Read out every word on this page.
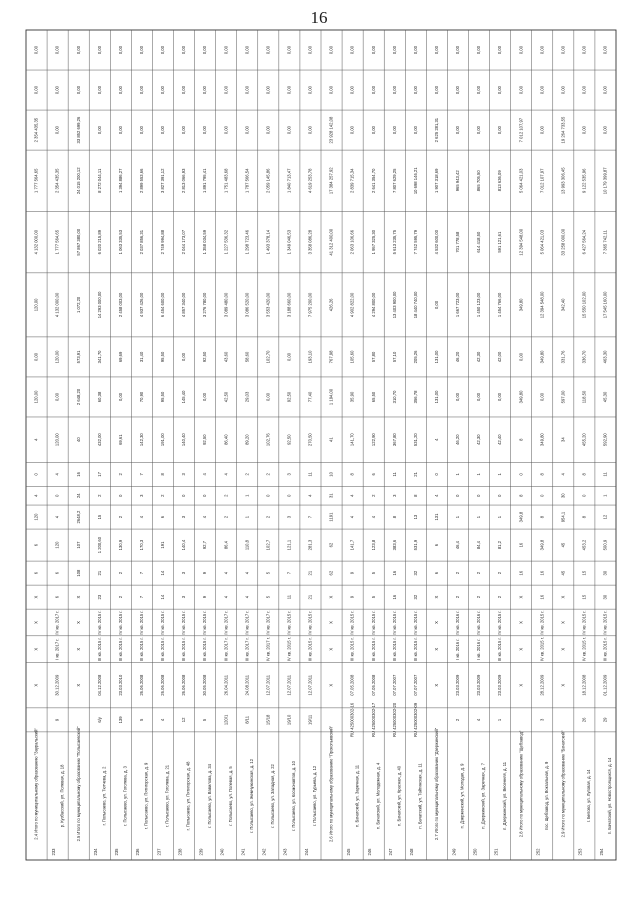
16
2.4 Итого по муниципальному образованию "Зауральский"
X
X
X
X
6
6
120
4
0
4
120,00
0,00
120,00
4 132 000,00
1 777 564,65
2 354 435,35
0,00
0,00
233
р. Кузбасский, ул. Полевая, д. 18
9
30.12.2009
I кв. 2017 г.
IV кв. 2017 г.
6
6
120
4
0
4
120,00
0,00
120,00
4 132 000,00
1 777 564,65
2 354 435,35
0,00
0,00
0,00
2.5 Итого по муниципальному образованию "Полысаевский"
X
X
X
X
108
107
2648,2
24
16
40
2 648,20
573,91
1 072,20
57 867 380,00
24 015 200,12
33 852 699,26
0,00
0,00
234
г. Полысаево, ул. Тютчева, д. 2
6/у
04.12.2008
III кв. 2015 г.
IV кв. 2015 г.
23
21
1 200,60
15
2
17
432,00
60,38
341,70
14 293 000,00
6 020 215,89
8 272 044,11
0,00
0,00
0,00
235
г. Полысаево, ул. Гоголева, д. 3
139
23.03.2010
III кв. 2015 г.
IV кв. 2015 г.
2
2
130,9
2
0
2
69,61
0,00
69,69
2 458 003,00
1 063 335,53
1 394 886,27
0,00
0,00
0,00
236
г. Полысаево, ул. Пятигорская, д. 9
5
26.06.2008
III кв. 2015 г.
IV кв. 2015 г.
7
7
170,3
4
3
7
142,30
70,90
31,40
4 937 426,00
2 037 856,31
2 899 553,66
0,00
0,00
0,00
237
г. Полысаево, ул. Гоголева, д. 21
4
26.06.2008
III кв. 2015 г.
IV кв. 2015 г.
14
14
191
6
2
8
191,00
95,50
95,50
6 454 600,00
2 749 994,88
3 827 391,12
0,00
0,00
0,00
238
г. Полысаево, ул. Пятигорская, д. 48
12
26.06.2008
III кв. 2015 г.
IV кв. 2015 г.
3
3
140,4
3
0
3
140,40
145,40
0,00
4 857 340,00
2 044 173,07
2 813 066,93
0,00
0,00
0,00
239
г. Полысаево, ул. Вавилова, д. 34
5
30.05.2008
III кв. 2015 г.
IV кв. 2015 г.
9
9
92,7
4
0
4
92,50
0,00
92,50
3 276 780,00
1 358 034,59
1 891 795,41
0,00
0,00
0,00
240
г. Полысаево, ул. Полевая, д. 5
120/1
26.04.2011
III кв. 2017 г.
IV кв. 2017 г.
4
4
86,4
2
2
4
86,40
42,50
43,60
3 089 480,00
1 227 536,32
1 751 483,68
0,00
0,00
0,00
241
г. Полысаево, ул. Жемчужинская, д. 12
8/11
24.08.2011
III кв. 2017 г.
IV кв. 2017 г.
4
4
110,8
1
1
2
89,20
29,03
58,60
3 086 520,00
1 298 723,46
1 787 566,54
0,00
0,00
0,00
242
г. Полысаево, ул. Западная, д. 22
15/18
12.07.2011
IV кв. 2017 г.
IV кв. 2017 г.
5
5
102,7
2
0
2
102,76
0,00
102,70
3 553 420,00
1 493 378,14
2 059 145,86
0,00
0,00
0,00
243
г. Полысаево, ул. Космонавтов, д. 10
19/10
12.07.2011
IV кв. 2015 г.
IV кв. 2015 г.
11
7
121,1
3
0
3
92,50
92,50
0,00
3 188 660,00
1 349 046,53
1 840 713,47
0,00
0,00
0,00
244
г. Полысаево, ул. Гурьева, д. 12
19/11
12.07.2011
III кв. 2015 г.
IV кв. 2015 г.
21
21
281,3
7
4
11
270,50
77,40
193,10
7 975 200,00
3 358 086,28
4 619 253,78
0,00
0,00
0,00
2.6 Итого по муниципальному образованию "Прокопьевский"
X
X
X
X
62
62
1191
31
10
41
1 194,00
767,98
426,26
41 312 400,00
17 384 257,92
23 928 142,08
0,00
0,00
245
п. Бачатский, ул. Заречная, д. 11
RU 425000302-16
07.05.2008
III кв. 2015 г.
IV кв. 2015 г.
9
9
141,7
4
4
8
141,70
35,90
105,60
4 902 822,00
2 063 106,66
2 839 715,34
0,00
0,00
0,00
246
п. Бачатский, ул. Молодежная, д. 4
RU 425000302-17
07.05.2008
III кв. 2015 г.
IV кв. 2015 г.
5
5
123,8
4
2
6
122,90
65,50
57,80
4 294 800,00
1 957 325,30
2 641 354,70
0,00
0,00
0,00
247
п. Бачатский, ул. Красная, д. 40
RU 425000302-20
07.07.2007
III кв. 2015 г.
IV кв. 2015 г.
16
16
383,6
8
3
11
367,80
310,70
57,10
13 403 900,00
5 613 235,75
7 807 629,25
0,00
0,00
0,00
248
п. Бачатский, ул. Тайгинская, д. 11
RU 425000302-09
07.07.2007
III кв. 2015 г.
IV кв. 2015 г.
32
32
531,9
13
8
21
531,20
356,78
205,26
18 440 740,00
7 742 595,79
10 698 146,21
0,00
0,00
0,00
2.7 Итого по муниципальному образованию "Дзержинский"
X
X
X
X
6
6
131
4
0
4
131,00
131,00
0,00
4 532 600,00
1 907 318,69
2 625 281,31
0,00
0,00
249
п. Дзержинский, ул. Молодая, д. 9
2
23.03.2009
I кв. 2016 г.
IV кв. 2016 г.
2
2
46,4
1
0
1
46,20
0,00
46,20
1 667 723,00
701 778,58
965 943,42
0,00
0,00
0,00
250
п. Дзержинский, ул. Заречная, д. 7
4
23.03.2009
I кв. 2016 г.
IV кв. 2016 г.
2
2
84,4
1
0
1
42,30
0,00
42,30
1 450 123,00
614 418,50
865 705,50
0,00
0,00
0,00
251
п. Дзержинский, ул. Весенняя, д. 11
1
23.03.2009
III кв. 2015 г.
IV кв. 2015 г.
2
2
81,2
1
0
1
42,40
0,00
42,00
1 454 766,00
591 121,61
813 636,09
0,00
0,00
0,00
2.8 Итого по муниципальному образованию "Щебзавод"
X
X
X
X
16
16
349,8
8
0
8
349,80
0,00
349,80
12 394 548,00
5 064 421,03
7 012 107,97
0,00
0,00
252
пос. Щебзавод, ул. Вокзальная, д. 9
3
28.12.2009
IV кв. 2015 г.
IV кв. 2015 г.
16
16
349,8
8
0
8
349,80
0,00
349,80
12 394 548,00
5 064 421,03
7 012 107,97
0,00
0,00
0,00
2.9 Итого по муниципальному образованию "Бачатский"
X
X
X
X
45
45
954,1
30
4
34
597,00
331,76
342,40
33 258 000,00
13 993 306,45
19 264 733,55
0,00
0,00
253
г. Белово, ул. Луговая, д. 14
26
18.12.2008
IV кв. 2015 г.
IV кв. 2015 г.
15
15
453,2
8
0
8
455,20
118,50
336,70
15 550 102,00
6 427 564,24
9 122 535,96
0,00
0,00
0,00
254
п. Бачатский, ул. Новостроящихся, д. 14
29
01.12.2009
III кв. 2015 г.
IV кв. 2015 г.
30
30
500,9
12
1
11
592,90
45,30
463,30
17 545 160,00
7 365 742,11
10 179 399,87
0,00
0,00
0,00
